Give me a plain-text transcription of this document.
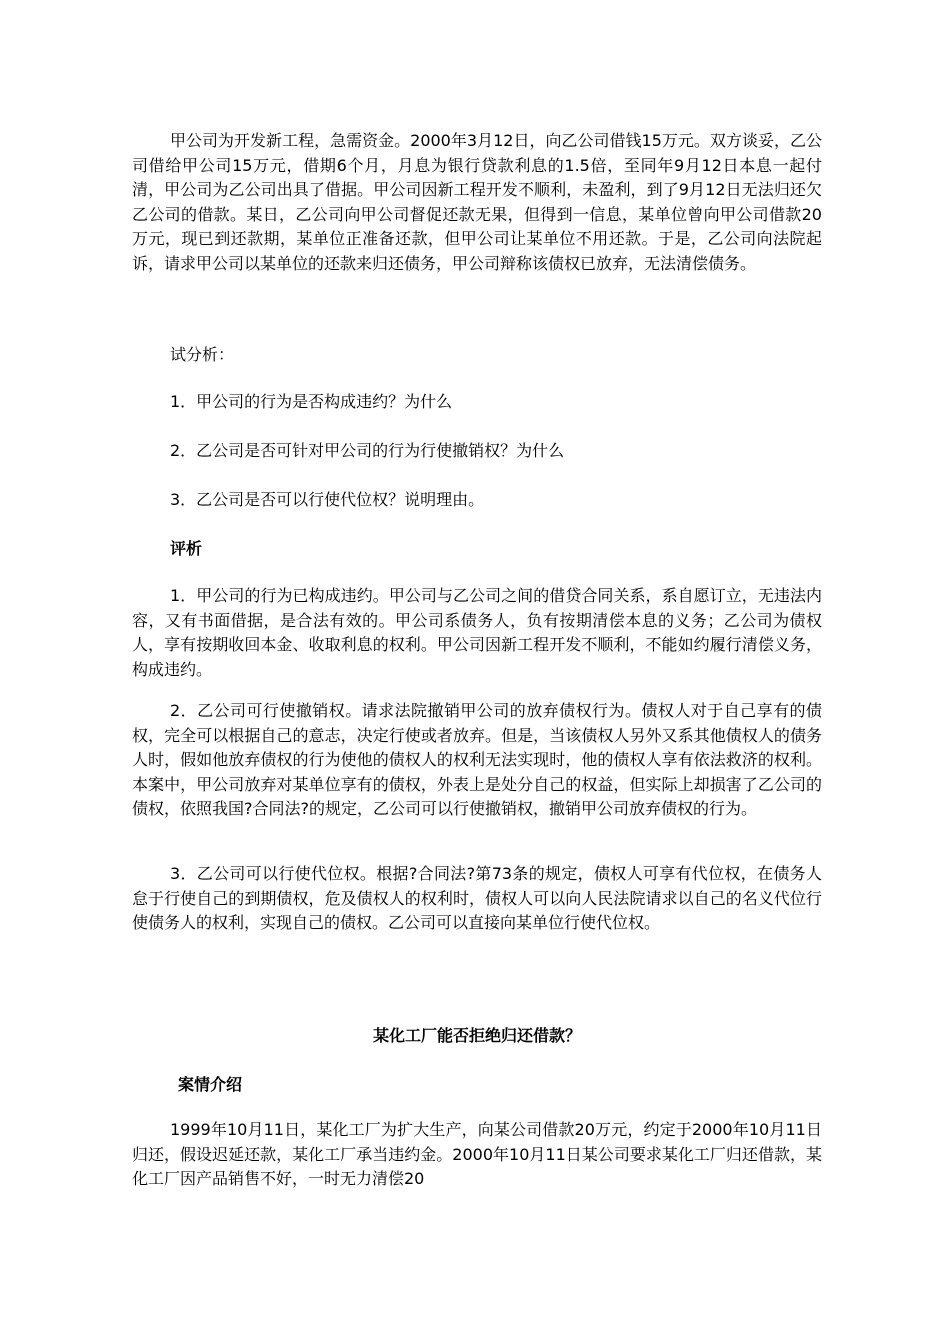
甲公司为开发新工程，急需资金。2000年3月12日，向乙公司借钱15万元。双方谈妥，乙公司借给甲公司15万元，借期6个月，月息为银行贷款利息的1.5倍，至同年9月12日本息一起付清，甲公司为乙公司出具了借据。甲公司因新工程开发不顺利，未盈利，到了9月12日无法归还欠乙公司的借款。某日，乙公司向甲公司督促还款无果，但得到一信息，某单位曾向甲公司借款20万元，现已到还款期，某单位正准备还款，但甲公司让某单位不用还款。于是，乙公司向法院起诉，请求甲公司以某单位的还款来归还债务，甲公司辩称该债权已放弃，无法清偿债务。

试分析：

1．甲公司的行为是否构成违约？为什么

2．乙公司是否可针对甲公司的行为行使撤销权？为什么

3．乙公司是否可以行使代位权？说明理由。

评析

1．甲公司的行为已构成违约。甲公司与乙公司之间的借贷合同关系，系自愿订立，无违法内容，又有书面借据，是合法有效的。甲公司系债务人，负有按期清偿本息的义务；乙公司为债权人，享有按期收回本金、收取利息的权利。甲公司因新工程开发不顺利，不能如约履行清偿义务，构成违约。

2．乙公司可行使撤销权。请求法院撤销甲公司的放弃债权行为。债权人对于自己享有的债权，完全可以根据自己的意志，决定行使或者放弃。但是，当该债权人另外又系其他债权人的债务人时，假如他放弃债权的行为使他的债权人的权利无法实现时，他的债权人享有依法救济的权利。本案中，甲公司放弃对某单位享有的债权，外表上是处分自己的权益，但实际上却损害了乙公司的债权，依照我国?合同法?的规定，乙公司可以行使撤销权，撤销甲公司放弃债权的行为。

3．乙公司可以行使代位权。根据?合同法?第73条的规定，债权人可享有代位权，在债务人怠于行使自己的到期债权，危及债权人的权利时，债权人可以向人民法院请求以自己的名义代位行使债务人的权利，实现自己的债权。乙公司可以直接向某单位行使代位权。

某化工厂能否拒绝归还借款？

案情介绍

1999年10月11日，某化工厂为扩大生产，向某公司借款20万元，约定于2000年10月11日归还，假设迟延还款，某化工厂承当违约金。2000年10月11日某公司要求某化工厂归还借款，某化工厂因产品销售不好，一时无力清偿20
